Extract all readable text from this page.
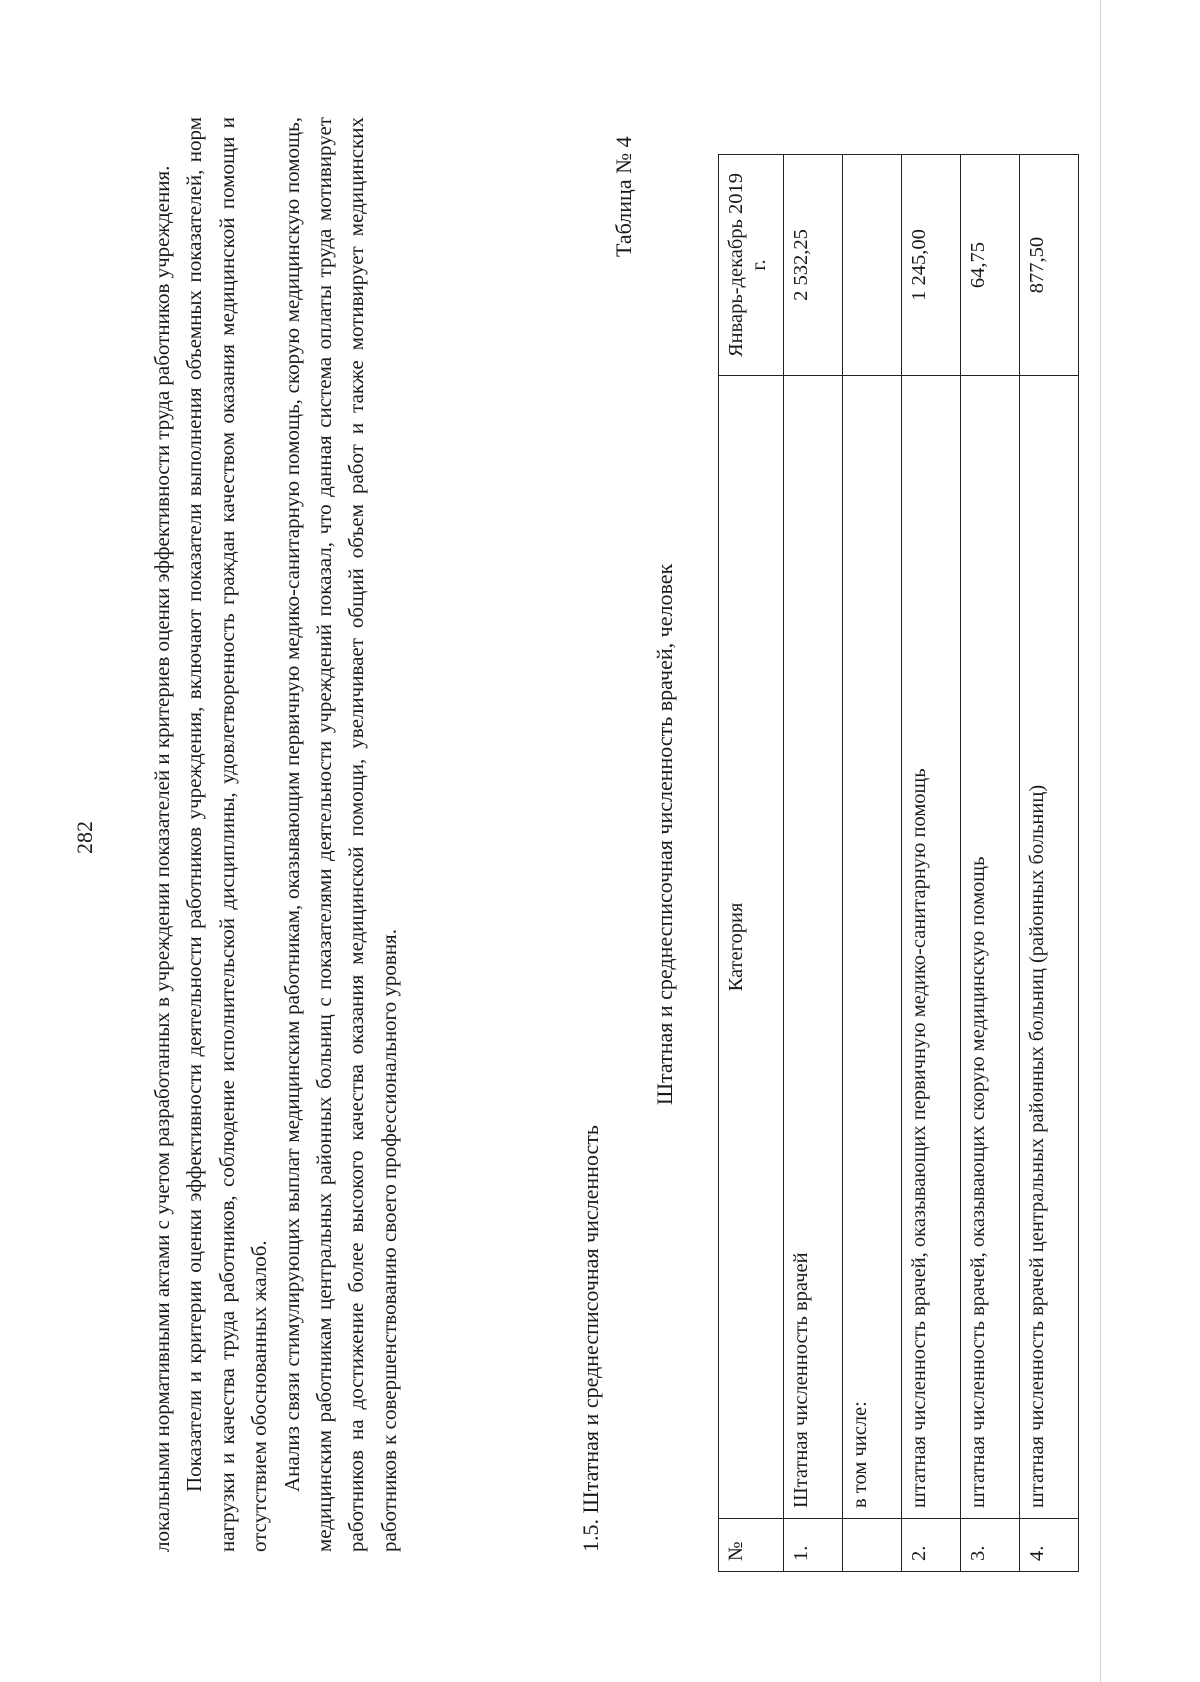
282	локальными нормативными актами с учетом разработанных в учреждении показателей и критериев оценки эффективности труда работников учреждения. Показатели и критерии оценки эффективности деятельности работников учреждения, включают показатели выполнения объемных показателей, норм нагрузки и качества труда работников, соблюдение исполнительской дисциплины, удовлетворенность граждан качеством оказания медицинской помощи и отсутствием обоснованных жалоб. Анализ связи стимулирующих выплат медицинским работникам, оказывающим первичную медико-санитарную помощь, скорую медицинскую помощь, медицинским работникам центральных районных больниц с показателями деятельности учреждений показал, что данная система оплаты труда мотивирует работников на достижение более высокого качества оказания медицинской помощи, увеличивает общий объем работ и также мотивирует медицинских работников к совершенствованию своего профессионального уровня.	1.5. Штатная и среднесписочная численность
Таблица № 4
Штатная и среднесписочная численность врачей, человек
№	Категория	Январь-декабрь 2019 г.
1.	Штатная численность врачей	2 532,25
	в том числе:	
2.	штатная численность врачей, оказывающих первичную медико-санитарную помощь	1 245,00
3.	штатная численность врачей, оказывающих скорую медицинскую помощь	64,75
4.	штатная численность врачей центральных районных больниц (районных больниц)	877,50
